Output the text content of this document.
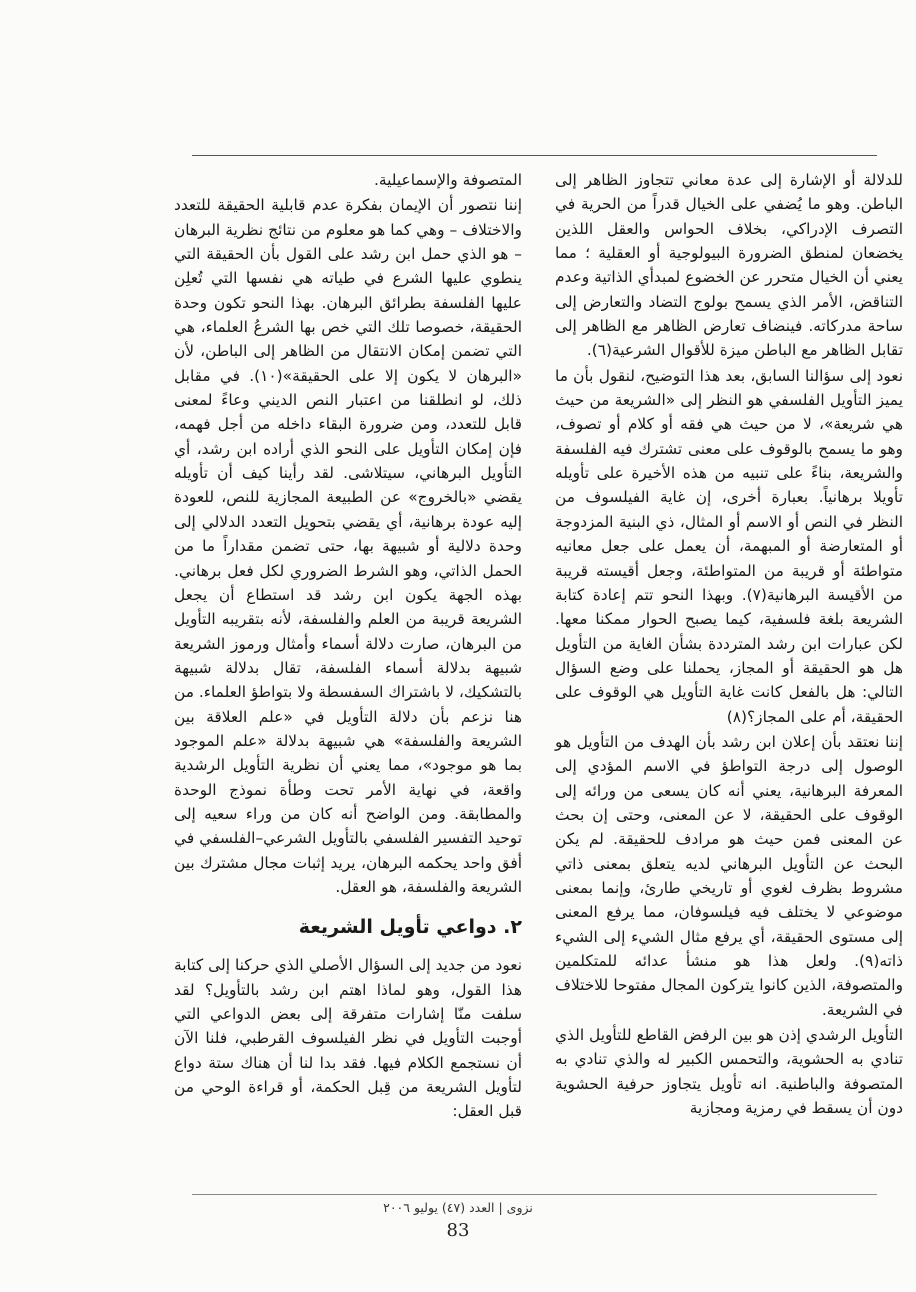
للدلالة أو الإشارة إلى عدة معاني تتجاوز الظاهر إلى الباطن. وهو ما يُضفي على الخيال قدراً من الحرية في التصرف الإدراكي، بخلاف الحواس والعقل اللذين يخضعان لمنطق الضرورة البيولوجية أو العقلية ؛ مما يعني أن الخيال متحرر عن الخضوع لمبدأي الذاتية وعدم التناقض، الأمر الذي يسمح بولوج التضاد والتعارض إلى ساحة مدركاته. فينضاف تعارض الظاهر مع الظاهر إلى تقابل الظاهر مع الباطن ميزة للأقوال الشرعية(٦).

نعود إلى سؤالنا السابق، بعد هذا التوضيح، لنقول بأن ما يميز التأويل الفلسفي هو النظر إلى «الشريعة من حيث هي شريعة»، لا من حيث هي فقه أو كلام أو تصوف، وهو ما يسمح بالوقوف على معنى تشترك فيه الفلسفة والشريعة، بناءً على تنبيه من هذه الأخيرة على تأويله تأويلا برهانياً. بعبارة أخرى، إن غاية الفيلسوف من النظر في النص أو الاسم أو المثال، ذي البنية المزدوجة أو المتعارضة أو المبهمة، أن يعمل على جعل معانيه متواطئة أو قريبة من المتواطئة، وجعل أقيسته قريبة من الأقيسة البرهانية(٧). وبهذا النحو تتم إعادة كتابة الشريعة بلغة فلسفية، كيما يصبح الحوار ممكنا معها. لكن عبارات ابن رشد المترددة بشأن الغاية من التأويل هل هو الحقيقة أو المجاز، يحملنا على وضع السؤال التالي: هل بالفعل كانت غاية التأويل هي الوقوف على الحقيقة، أم على المجاز؟(٨)

إننا نعتقد بأن إعلان ابن رشد بأن الهدف من التأويل هو الوصول إلى درجة التواطؤ في الاسم المؤدي إلى المعرفة البرهانية، يعني أنه كان يسعى من ورائه إلى الوقوف على الحقيقة، لا عن المعنى، وحتى إن بحث عن المعنى فمن حيث هو مرادف للحقيقة. لم يكن البحث عن التأويل البرهاني لديه يتعلق بمعنى ذاتي مشروط بظرف لغوي أو تاريخي طارئ، وإنما بمعنى موضوعي لا يختلف فيه فيلسوفان، مما يرفع المعنى إلى مستوى الحقيقة، أي يرفع مثال الشيء إلى الشيء ذاته(٩). ولعل هذا هو منشأ عدائه للمتكلمين والمتصوفة، الذين كانوا يتركون المجال مفتوحا للاختلاف في الشريعة.

التأويل الرشدي إذن هو بين الرفض القاطع للتأويل الذي تنادي به الحشوية، والتحمس الكبير له والذي تنادي به المتصوفة والباطنية. انه تأويل يتجاوز حرفية الحشوية دون أن يسقط في رمزية ومجازية

المتصوفة والإسماعيلية.

إننا نتصور أن الإيمان بفكرة عدم قابلية الحقيقة للتعدد والاختلاف – وهي كما هو معلوم من نتائج نظرية البرهان – هو الذي حمل ابن رشد على القول بأن الحقيقة التي ينطوي عليها الشرع في طياته هي نفسها التي تُعلِن عليها الفلسفة بطرائق البرهان. بهذا النحو تكون وحدة الحقيقة، خصوصا تلك التي خص بها الشرعُ العلماء، هي التي تضمن إمكان الانتقال من الظاهر إلى الباطن، لأن «البرهان لا يكون إلا على الحقيقة»(١٠). في مقابل ذلك، لو انطلقنا من اعتبار النص الديني وعاءً لمعنى قابل للتعدد، ومن ضرورة البقاء داخله من أجل فهمه، فإن إمكان التأويل على النحو الذي أراده ابن رشد، أي التأويل البرهاني، سيتلاشى. لقد رأينا كيف أن تأويله يقضي «بالخروج» عن الطبيعة المجازية للنص، للعودة إليه عودة برهانية، أي يقضي بتحويل التعدد الدلالي إلى وحدة دلالية أو شبيهة بها، حتى تضمن مقداراً ما من الحمل الذاتي، وهو الشرط الضروري لكل فعل برهاني. بهذه الجهة يكون ابن رشد قد استطاع أن يجعل الشريعة قريبة من العلم والفلسفة، لأنه بتقريبه التأويل من البرهان، صارت دلالة أسماء وأمثال ورموز الشريعة شبيهة بدلالة أسماء الفلسفة، تقال بدلالة شبيهة بالتشكيك، لا باشتراك السفسطة ولا بتواطؤ العلماء. من هنا نزعم بأن دلالة التأويل في «علم العلاقة بين الشريعة والفلسفة» هي شبيهة بدلالة «علم الموجود بما هو موجود»، مما يعني أن نظرية التأويل الرشدية واقعة، في نهاية الأمر تحت وطأة نموذج الوحدة والمطابقة. ومن الواضح أنه كان من وراء سعيه إلى توحيد التفسير الفلسفي بالتأويل الشرعي–الفلسفي في أفق واحد يحكمه البرهان، يريد إثبات مجال مشترك بين الشريعة والفلسفة، هو العقل.

٢. دواعي تأويل الشريعة

نعود من جديد إلى السؤال الأصلي الذي حركنا إلى كتابة هذا القول، وهو لماذا اهتم ابن رشد بالتأويل؟ لقد سلفت منّا إشارات متفرقة إلى بعض الدواعي التي أوجبت التأويل في نظر الفيلسوف القرطبي، فلنا الآن أن نستجمع الكلام فيها. فقد بدا لنا أن هناك ستة دواع لتأويل الشريعة من قِبل الحكمة، أو قراءة الوحي من قبل العقل:

نزوى | العدد (٤٧) يوليو ٢٠٠٦
83
